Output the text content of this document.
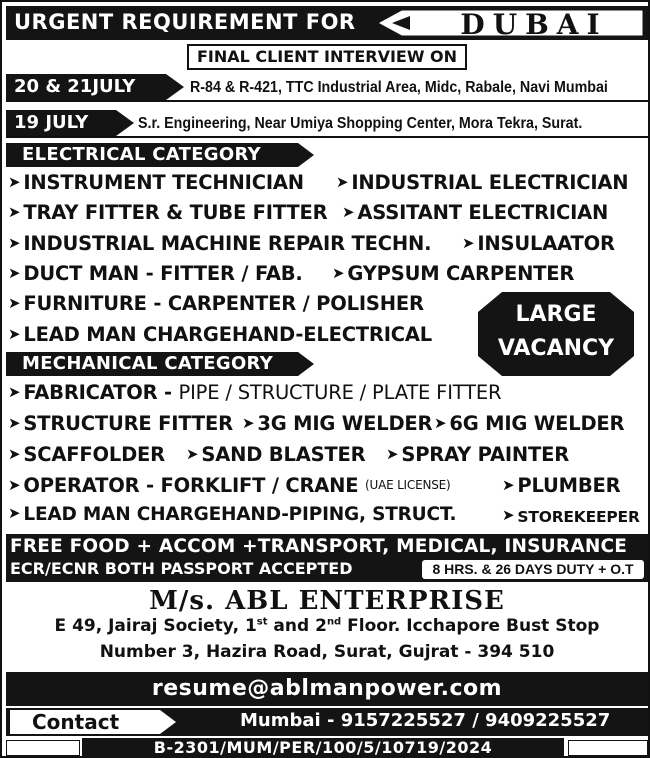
URGENT REQUIREMENT FOR	DUBAI
FINAL CLIENT INTERVIEW ON
20 & 21JULY	R-84 & R-421, TTC Industrial Area, Midc, Rabale, Navi Mumbai
19 JULY	S.r. Engineering, Near Umiya Shopping Center, Mora Tekra, Surat.
ELECTRICAL CATEGORY
➤ INSTRUMENT TECHNICIAN ➤ INDUSTRIAL ELECTRICIAN
➤ TRAY FITTER & TUBE FITTER ➤ ASSITANT ELECTRICIAN
➤ INDUSTRIAL MACHINE REPAIR TECHN. ➤ INSULAATOR
➤ DUCT MAN - FITTER / FAB. ➤ GYPSUM CARPENTER
➤ FURNITURE - CARPENTER / POLISHER
➤ LEAD MAN CHARGEHAND-ELECTRICAL
LARGE
VACANCY
MECHANICAL CATEGORY
➤ FABRICATOR - PIPE / STRUCTURE / PLATE FITTER
➤ STRUCTURE FITTER ➤ 3G MIG WELDER ➤ 6G MIG WELDER
➤ SCAFFOLDER ➤ SAND BLASTER ➤ SPRAY PAINTER
➤ OPERATOR - FORKLIFT / CRANE (UAE LICENSE)	➤ PLUMBER
➤ LEAD MAN CHARGEHAND-PIPING, STRUCT.	➤ STOREKEEPER
FREE FOOD + ACCOM +TRANSPORT, MEDICAL, INSURANCE
ECR/ECNR BOTH PASSPORT ACCEPTED	8 HRS. & 26 DAYS DUTY + O.T
M/s. ABL ENTERPRISE
E 49, Jairaj Society, 1st and 2nd Floor. Icchapore Bust Stop
Number 3, Hazira Road, Surat, Gujrat - 394 510
resume@ablmanpower.com
Contact	Mumbai - 9157225527 / 9409225527
B-2301/MUM/PER/100/5/10719/2024
